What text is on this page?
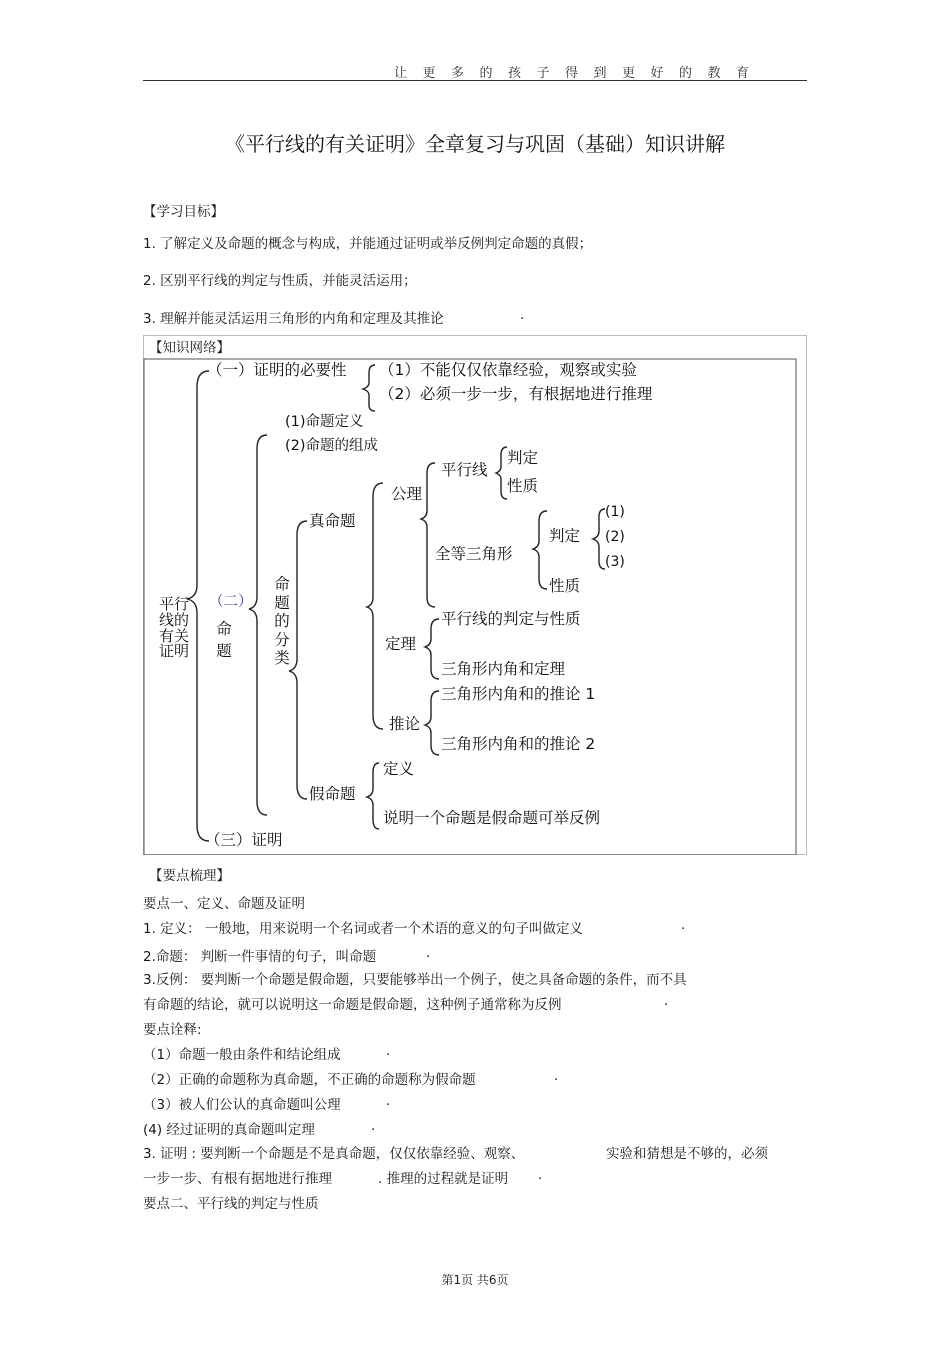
让更多的孩子得到更好的教育
《平行线的有关证明》全章复习与巩固（基础）知识讲解
【学习目标】
1. 了解定义及命题的概念与构成，并能通过证明或举反例判定命题的真假；
2. 区别平行线的判定与性质，并能灵活运用；
3. 理解并能灵活运用三角形的内角和定理及其推论	.
【知识网络】
平行线的有关证明
（一）证明的必要性 （1）不能仅仅依靠经验，观察或实验
（2）必须一步一步，有根据地进行推理
(1)命题定义
(2)命题的组成
（二）
命题
命题的分类
真命题
公理
平行线
判定
性质
全等三角形
判定
性质
(1)
(2)
(3)
定理
平行线的判定与性质
三角形内角和定理
推论
三角形内角和的推论 1
三角形内角和的推论 2
假命题
定义
说明一个命题是假命题可举反例
（三）证明
【要点梳理】
要点一、定义、命题及证明
1. 定义： 一般地，用来说明一个名词或者一个术语的意义的句子叫做定义	.
2.命题： 判断一件事情的句子，叫命题	.
3.反例： 要判断一个命题是假命题，只要能够举出一个例子，使之具备命题的条件，而不具
有命题的结论，就可以说明这一命题是假命题，这种例子通常称为反例	.
要点诠释:
（1）命题一般由条件和结论组成	.
（2）正确的命题称为真命题，不正确的命题称为假命题	.
（3）被人们公认的真命题叫公理	.
(4) 经过证明的真命题叫定理	.
3. 证明 : 要判断一个命题是不是真命题，仅仅依靠经验、观察、	实验和猜想是不够的，必须
一步一步、有根有据地进行推理	. 推理的过程就是证明 .
要点二、平行线的判定与性质
第1页 共6页
